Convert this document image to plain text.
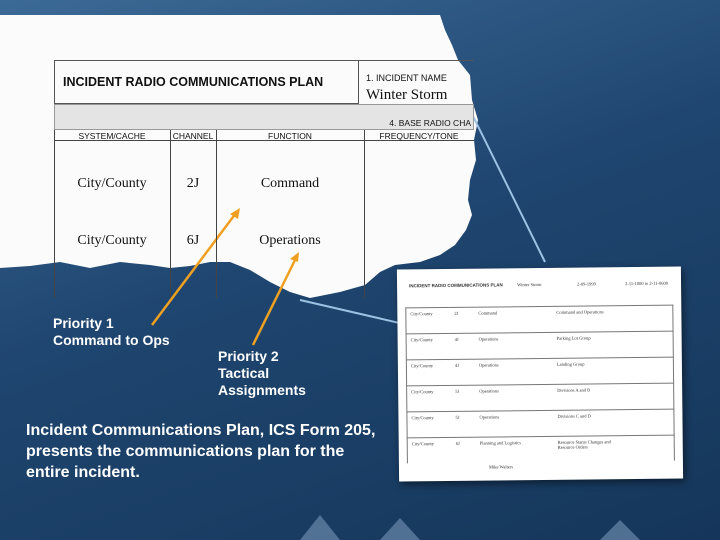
INCIDENT RADIO COMMUNICATIONS PLAN	1. INCIDENT NAME
Winter Storm
4. BASE RADIO CHA
SYSTEM/CACHE	CHANNEL	FUNCTION	FREQUENCY/TONE
City/County	2J	Command
City/County	6J	Operations
INCIDENT RADIO COMMUNICATIONS PLAN	Winter Storm	2-09-1999	2-11-1800 to 2-11-0600
City/County	2J	Command	Command and Operations
City/County	4J	Operations	Parking Lot Group
City/County	4J	Operations	Landing Group
City/County	5J	Operations	Divisions A and B
City/County	5J	Operations	Divisions C and D
City/County	6J	Planning and Logistics	Resource Status Changes and Resource Orders
Mike Walters
Priority 1
Command to Ops
Priority 2
Tactical
Assignments
Incident Communications Plan, ICS Form 205, presents the communications plan for the entire incident.
